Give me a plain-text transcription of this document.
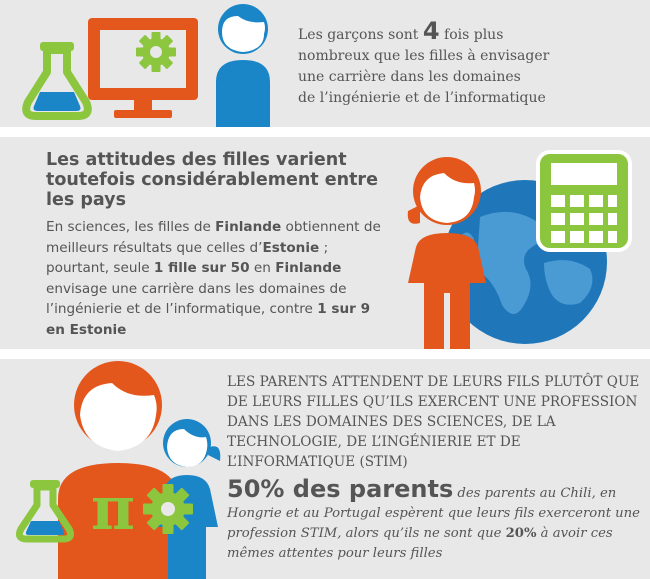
Les garçons sont 4 fois plus
nombreux que les filles à envisager
une carrière dans les domaines
de l’ingénierie et de l’informatique
Les attitudes des filles varient toutefois considérablement entre les pays
En sciences, les filles de Finlande obtiennent de meilleurs résultats que celles d’Estonie ; pourtant, seule 1 fille sur 50 en Finlande envisage une carrière dans les domaines de l’ingénierie et de l’informatique, contre 1 sur 9 en Estonie
π
LES PARENTS ATTENDENT DE LEURS FILS PLUTÔT QUE DE LEURS FILLES QU’ILS EXERCENT UNE PROFESSION DANS LES DOMAINES DES SCIENCES, DE LA TECHNOLOGIE, DE L’INGÉNIERIE ET DE L’INFORMATIQUE (STIM)
50% des parents des parents au Chili, en Hongrie et au Portugal espèrent que leurs fils exerceront une profession STIM, alors qu’ils ne sont que 20% à avoir ces mêmes attentes pour leurs filles
